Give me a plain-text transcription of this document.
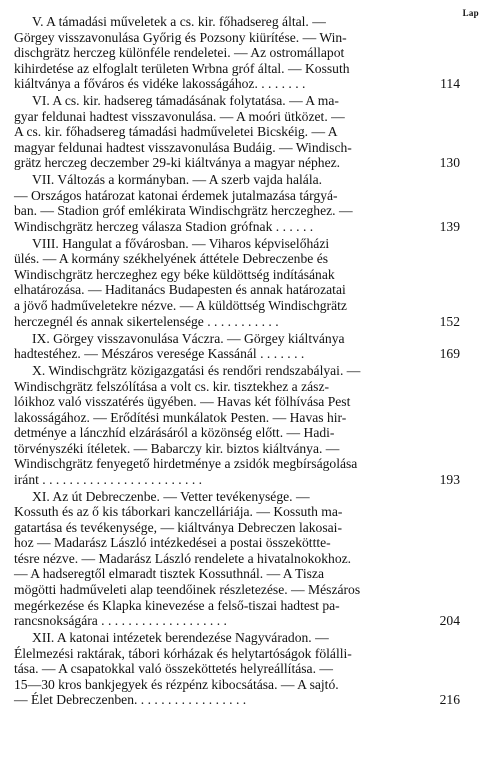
Lap
V. A támadási műveletek a cs. kir. főhadsereg által. —
Görgey visszavonulása Győrig és Pozsony kiürítése. — Win-
dischgrätz herczeg különféle rendeletei. — Az ostromállapot
kihirdetése az elfoglalt területen Wrbna gróf által. — Kossuth
114
kiáltványa a főváros és vidéke lakosságához. . . . . . . .
VI. A cs. kir. hadsereg támadásának folytatása. — A ma-
gyar feldunai hadtest visszavonulása. — A moóri ütközet. —
A cs. kir. főhadsereg támadási hadműveletei Bicskéig. — A
magyar feldunai hadtest visszavonulása Budáig. — Windisch-
130
grätz herczeg deczember 29-ki kiáltványa a magyar néphez.
VII. Változás a kormányban. — A szerb vajda halála.
— Országos határozat katonai érdemek jutalmazása tárgyá-
ban. — Stadion gróf emlékirata Windischgrätz herczeghez. —
139
Windischgrätz herczeg válasza Stadion grófnak . . . . . .
VIII. Hangulat a fővárosban. — Viharos képviselőházi
ülés. — A kormány székhelyének áttétele Debreczenbe és
Windischgrätz herczeghez egy béke küldöttség indításának
elhatározása. — Haditanács Budapesten és annak határozatai
a jövő hadműveletekre nézve. — A küldöttség Windischgrätz
152
herczegnél és annak sikertelensége . . . . . . . . . . .
IX. Görgey visszavonulása Váczra. — Görgey kiáltványa
169
hadtestéhez. — Mészáros veresége Kassánál . . . . . . .
X. Windischgrätz közigazgatási és rendőri rendszabályai. —
Windischgrätz felszólítása a volt cs. kir. tisztekhez a zász-
lóikhoz való visszatérés ügyében. — Havas két fölhívása Pest
lakosságához. — Erődítési munkálatok Pesten. — Havas hir-
detménye a lánczhíd elzárásáról a közönség előtt. — Hadi-
törvényszéki ítéletek. — Babarczy kir. biztos kiáltványa. —
Windischgrätz fenyegető hirdetménye a zsidók megbírságolása
193
iránt . . . . . . . . . . . . . . . . . . . . . . . .
XI. Az út Debreczenbe. — Vetter tevékenysége. —
Kossuth és az ő kis táborkari kanczelláriája. — Kossuth ma-
gatartása és tevékenysége, — kiáltványa Debreczen lakosai-
hoz — Madarász László intézkedései a postai összeköttte-
tésre nézve. — Madarász László rendelete a hivatalnokokhoz.
— A hadseregtől elmaradt tisztek Kossuthnál. — A Tisza
mögötti hadműveleti alap teendőinek részletezése. — Mészáros
megérkezése és Klapka kinevezése a felső-tiszai hadtest pa-
204
rancsnokságára . . . . . . . . . . . . . . . . . . .
XII. A katonai intézetek berendezése Nagyváradon. —
Élelmezési raktárak, tábori kórházak és helytartóságok fölálli-
tása. — A csapatokkal való összeköttetés helyreállítása. —
15—30 kros bankjegyek és rézpénz kibocsátása. — A sajtó.
216
— Élet Debreczenben. . . . . . . . . . . . . . . . .
